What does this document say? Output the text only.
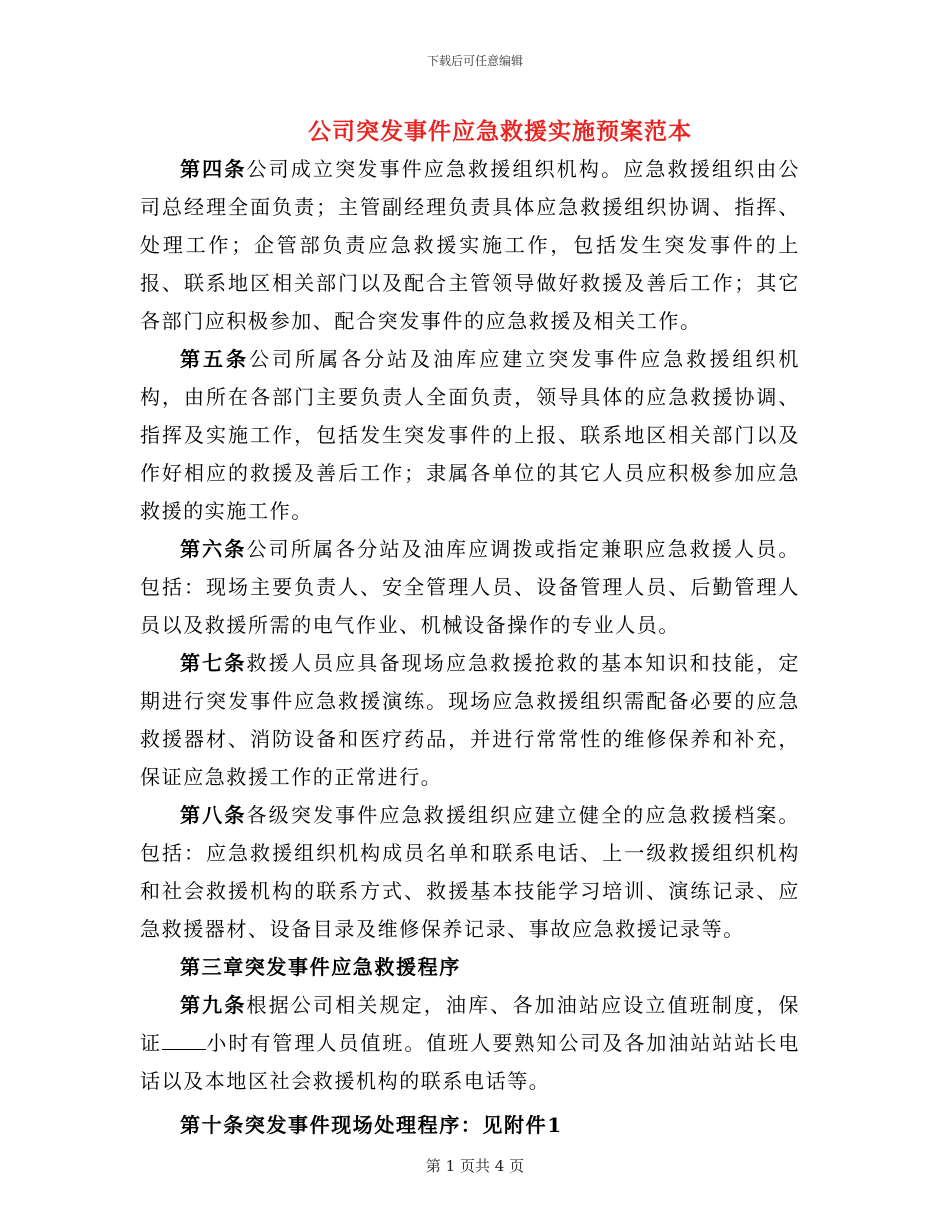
下载后可任意编辑
公司突发事件应急救援实施预案范本

第四条公司成立突发事件应急救援组织机构。应急救援组织由公司总经理全面负责；主管副经理负责具体应急救援组织协调、指挥、处理工作；企管部负责应急救援实施工作，包括发生突发事件的上报、联系地区相关部门以及配合主管领导做好救援及善后工作；其它各部门应积极参加、配合突发事件的应急救援及相关工作。

第五条公司所属各分站及油库应建立突发事件应急救援组织机构，由所在各部门主要负责人全面负责，领导具体的应急救援协调、指挥及实施工作，包括发生突发事件的上报、联系地区相关部门以及作好相应的救援及善后工作；隶属各单位的其它人员应积极参加应急救援的实施工作。

第六条公司所属各分站及油库应调拨或指定兼职应急救援人员。包括：现场主要负责人、安全管理人员、设备管理人员、后勤管理人员以及救援所需的电气作业、机械设备操作的专业人员。

第七条救援人员应具备现场应急救援抢救的基本知识和技能，定期进行突发事件应急救援演练。现场应急救援组织需配备必要的应急救援器材、消防设备和医疗药品，并进行常常性的维修保养和补充，保证应急救援工作的正常进行。

第八条各级突发事件应急救援组织应建立健全的应急救援档案。包括：应急救援组织机构成员名单和联系电话、上一级救援组织机构和社会救援机构的联系方式、救援基本技能学习培训、演练记录、应急救援器材、设备目录及维修保养记录、事故应急救援记录等。

第三章突发事件应急救援程序

第九条根据公司相关规定，油库、各加油站应设立值班制度，保证 小时有管理人员值班。值班人要熟知公司及各加油站站站长电话以及本地区社会救援机构的联系电话等。

第十条突发事件现场处理程序：见附件1

第 1 页共 4 页
